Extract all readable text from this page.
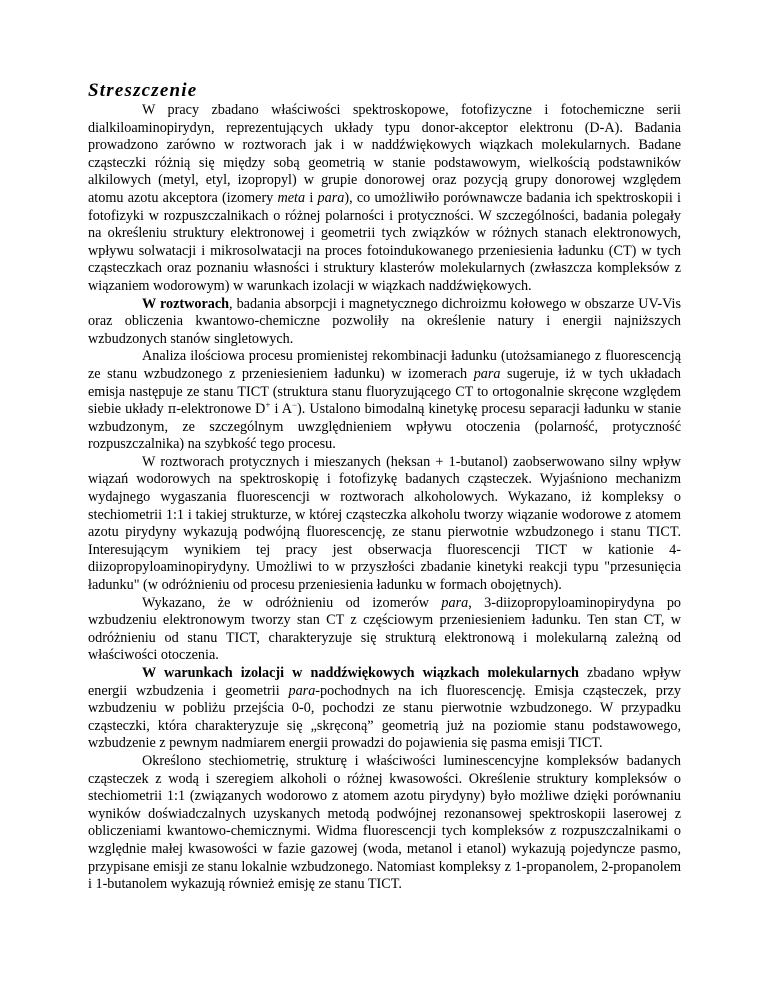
Streszczenie

W pracy zbadano właściwości spektroskopowe, fotofizyczne i fotochemiczne serii dialkiloaminopirydyn, reprezentujących układy typu donor-akceptor elektronu (D-A). Badania prowadzono zarówno w roztworach jak i w naddźwiękowych wiązkach molekularnych. Badane cząsteczki różnią się między sobą geometrią w stanie podstawowym, wielkością podstawników alkilowych (metyl, etyl, izopropyl) w grupie donorowej oraz pozycją grupy donorowej względem atomu azotu akceptora (izomery meta i para), co umożliwiło porównawcze badania ich spektroskopii i fotofizyki w rozpuszczalnikach o różnej polarności i protyczności. W szczególności, badania polegały na określeniu struktury elektronowej i geometrii tych związków w różnych stanach elektronowych, wpływu solwatacji i mikrosolwatacji na proces fotoindukowanego przeniesienia ładunku (CT) w tych cząsteczkach oraz poznaniu własności i struktury klasterów molekularnych (zwłaszcza kompleksów z wiązaniem wodorowym) w warunkach izolacji w wiązkach naddźwiękowych.

W roztworach, badania absorpcji i magnetycznego dichroizmu kołowego w obszarze UV-Vis oraz obliczenia kwantowo-chemiczne pozwoliły na określenie natury i energii najniższych wzbudzonych stanów singletowych.

Analiza ilościowa procesu promienistej rekombinacji ładunku (utożsamianego z fluorescencją ze stanu wzbudzonego z przeniesieniem ładunku) w izomerach para sugeruje, iż w tych układach emisja następuje ze stanu TICT (struktura stanu fluoryzującego CT to ortogonalnie skręcone względem siebie układy π-elektronowe D+ i A−). Ustalono bimodalną kinetykę procesu separacji ładunku w stanie wzbudzonym, ze szczególnym uwzględnieniem wpływu otoczenia (polarność, protyczność rozpuszczalnika) na szybkość tego procesu.

W roztworach protycznych i mieszanych (heksan + 1-butanol) zaobserwowano silny wpływ wiązań wodorowych na spektroskopię i fotofizykę badanych cząsteczek. Wyjaśniono mechanizm wydajnego wygaszania fluorescencji w roztworach alkoholowych. Wykazano, iż kompleksy o stechiometrii 1:1 i takiej strukturze, w której cząsteczka alkoholu tworzy wiązanie wodorowe z atomem azotu pirydyny wykazują podwójną fluorescencję, ze stanu pierwotnie wzbudzonego i stanu TICT. Interesującym wynikiem tej pracy jest obserwacja fluorescencji TICT w kationie 4-diizopropyloaminopirydyny. Umożliwi to w przyszłości zbadanie kinetyki reakcji typu "przesunięcia ładunku" (w odróżnieniu od procesu przeniesienia ładunku w formach obojętnych).

Wykazano, że w odróżnieniu od izomerów para, 3-diizopropyloaminopirydyna po wzbudzeniu elektronowym tworzy stan CT z częściowym przeniesieniem ładunku. Ten stan CT, w odróżnieniu od stanu TICT, charakteryzuje się strukturą elektronową i molekularną zależną od właściwości otoczenia.

W warunkach izolacji w naddźwiękowych wiązkach molekularnych zbadano wpływ energii wzbudzenia i geometrii para-pochodnych na ich fluorescencję. Emisja cząsteczek, przy wzbudzeniu w pobliżu przejścia 0-0, pochodzi ze stanu pierwotnie wzbudzonego. W przypadku cząsteczki, która charakteryzuje się „skręconą” geometrią już na poziomie stanu podstawowego, wzbudzenie z pewnym nadmiarem energii prowadzi do pojawienia się pasma emisji TICT.

Określono stechiometrię, strukturę i właściwości luminescencyjne kompleksów badanych cząsteczek z wodą i szeregiem alkoholi o różnej kwasowości. Określenie struktury kompleksów o stechiometrii 1:1 (związanych wodorowo z atomem azotu pirydyny) było możliwe dzięki porównaniu wyników doświadczalnych uzyskanych metodą podwójnej rezonansowej spektroskopii laserowej z obliczeniami kwantowo-chemicznymi. Widma fluorescencji tych kompleksów z rozpuszczalnikami o względnie małej kwasowości w fazie gazowej (woda, metanol i etanol) wykazują pojedyncze pasmo, przypisane emisji ze stanu lokalnie wzbudzonego. Natomiast kompleksy z 1-propanolem, 2-propanolem i 1-butanolem wykazują również emisję ze stanu TICT.
